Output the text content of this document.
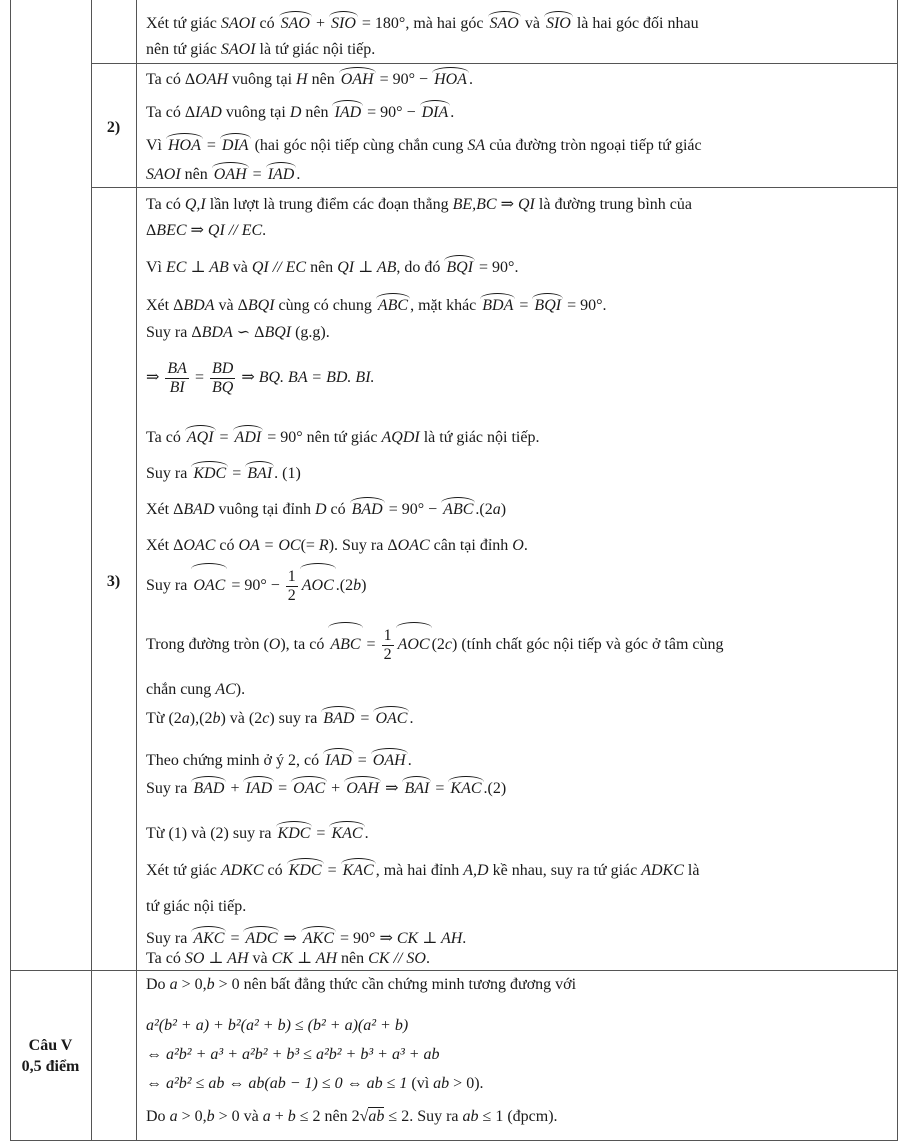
2)
3)
Câu V
0,5 điểm
Xét tứ giác SAOI có SAO + SIO = 180°, mà hai góc SAO và SIO là hai góc đối nhau
nên tứ giác SAOI là tứ giác nội tiếp.
Ta có ΔOAH vuông tại H nên OAH = 90° − HOA .
Ta có ΔIAD vuông tại D nên IAD = 90° − DIA .
Vì HOA = DIA (hai góc nội tiếp cùng chắn cung SA của đường tròn ngoại tiếp tứ giác
SAOI nên OAH = IAD .
Ta có Q,I lần lượt là trung điểm các đoạn thẳng BE,BC ⇒ QI là đường trung bình của
ΔBEC ⇒ QI // EC.
Vì EC ⊥ AB và QI // EC nên QI ⊥ AB, do đó BQI = 90°.
Xét ΔBDA và ΔBQI cùng có chung ABC , mặt khác BDA = BQI = 90°.
Suy ra ΔBDA ∽ ΔBQI (g.g).
⇒ $\frac{BA}{BI} = \frac{BD}{BQ}$ ⇒ BQ. BA = BD. BI.
Ta có AQI = ADI = 90° nên tứ giác AQDI là tứ giác nội tiếp.
Suy ra KDC = BAI . (1)
Xét ΔBAD vuông tại đỉnh D có BAD = 90° − ABC .(2a)
Xét ΔOAC có OA = OC(= R). Suy ra ΔOAC cân tại đỉnh O.
Suy ra OAC = $90^\circ - \frac{1}{2}$ AOC .(2b)
Trong đường tròn (O), ta có ABC = $\frac{1}{2}$ AOC (2c) (tính chất góc nội tiếp và góc ở tâm cùng
chắn cung AC).
Từ (2a),(2b) và (2c) suy ra BAD = OAC .
Theo chứng minh ở ý 2, có IAD = OAH .
Suy ra BAD + IAD = OAC + OAH ⇒ BAI = KAC .(2)
Từ (1) và (2) suy ra KDC = KAC .
Xét tứ giác ADKC có KDC = KAC , mà hai đỉnh A,D kề nhau, suy ra tứ giác ADKC là
tứ giác nội tiếp.
Suy ra AKC = ADC ⇒ AKC = 90° ⇒ CK ⊥ AH.
Ta có SO ⊥ AH và CK ⊥ AH nên CK // SO.
Do a > 0,b > 0 nên bất đẳng thức cần chứng minh tương đương với
a²(b² + a) + b²(a² + b) ≤ (b² + a)(a² + b)
⇔ a²b² + a³ + a²b² + b³ ≤ a²b² + b³ + a³ + ab
⇔ a²b² ≤ ab ⇔ ab(ab − 1) ≤ 0 ⇔ ab ≤ 1 (vì ab > 0).
Do a > 0,b > 0 và a + b ≤ 2 nên 2√ab ≤ 2. Suy ra ab ≤ 1 (đpcm).
